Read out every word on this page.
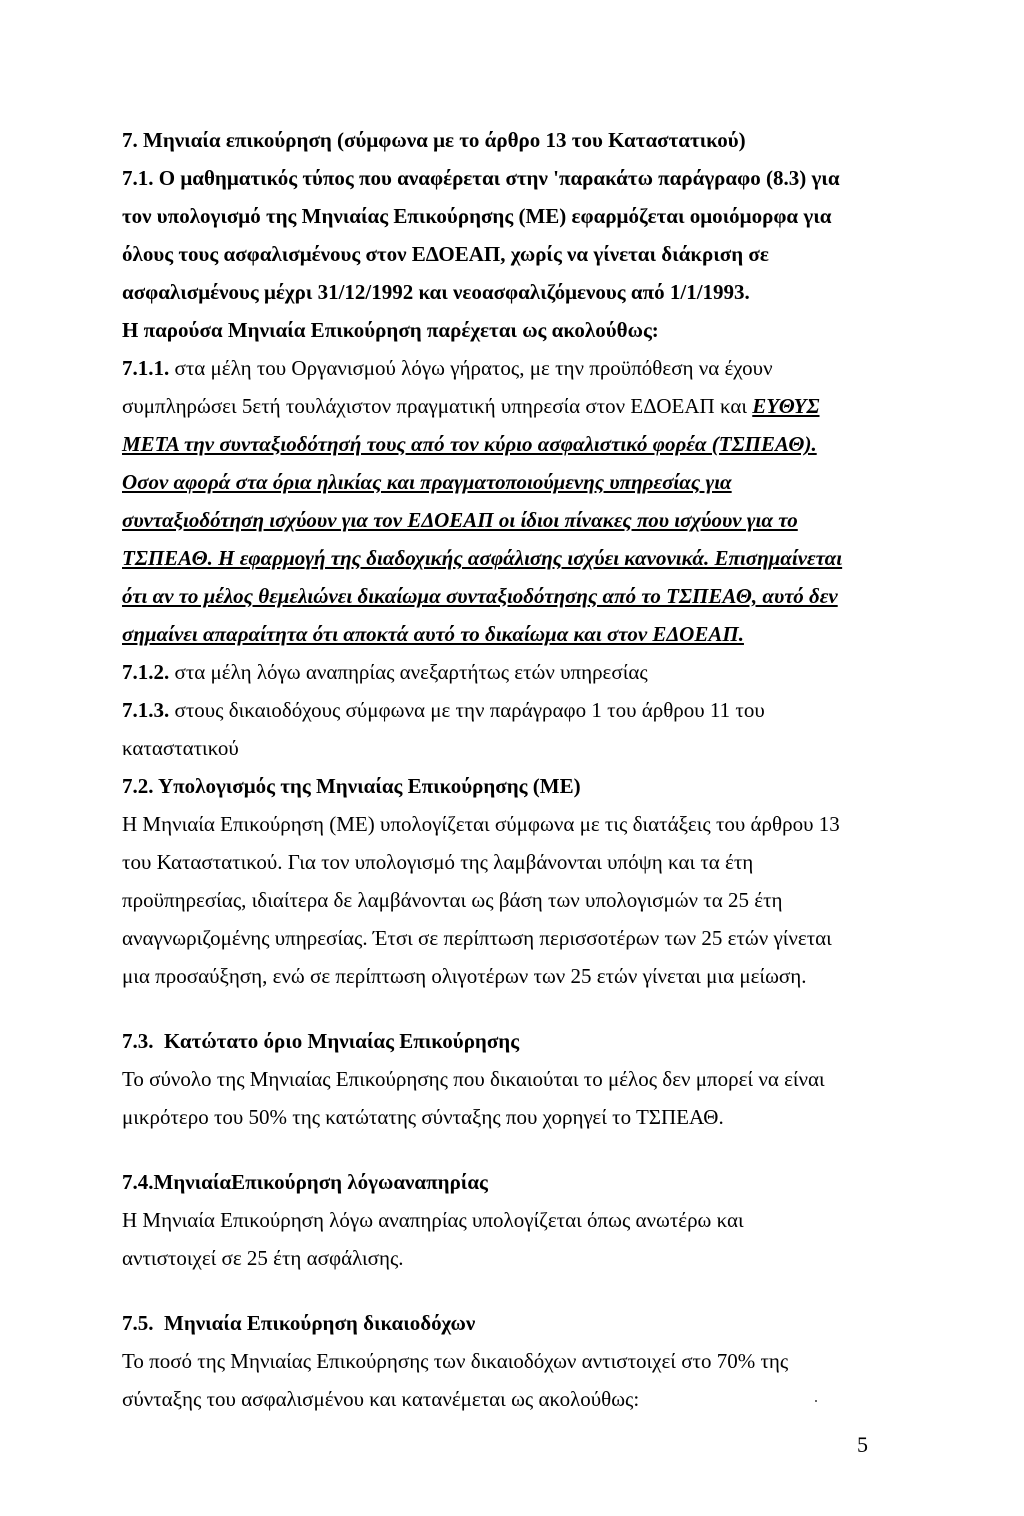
7. Μηνιαία επικούρηση (σύμφωνα με το άρθρο 13 του Καταστατικού)
7.1. Ο μαθηματικός τύπος που αναφέρεται στην 'παρακάτω παράγραφο (8.3) για
τον υπολογισμό της Μηνιαίας Επικούρησης (ΜΕ) εφαρμόζεται ομοιόμορφα για
όλους τους ασφαλισμένους στον ΕΔΟΕΑΠ, χωρίς να γίνεται διάκριση σε
ασφαλισμένους μέχρι 31/12/1992 και νεοασφαλιζόμενους από 1/1/1993.
Η παρούσα Μηνιαία Επικούρηση παρέχεται ως ακολούθως:
7.1.1. στα μέλη του Οργανισμού λόγω γήρατος, με την προϋπόθεση να έχουν
συμπληρώσει 5ετή τουλάχιστον πραγματική υπηρεσία στον ΕΔΟΕΑΠ και ΕΥΘΥΣ
ΜΕΤΑ την συνταξιοδότησή τους από τον κύριο ασφαλιστικό φορέα (ΤΣΠΕΑΘ).
Οσον αφορά στα όρια ηλικίας και πραγματοποιούμενης υπηρεσίας για
συνταξιοδότηση ισχύουν για τον ΕΔΟΕΑΠ οι ίδιοι πίνακες που ισχύουν για το
ΤΣΠΕΑΘ. Η εφαρμογή της διαδοχικής ασφάλισης ισχύει κανονικά. Επισημαίνεται
ότι αν το μέλος θεμελιώνει δικαίωμα συνταξιοδότησης από το ΤΣΠΕΑΘ, αυτό δεν
σημαίνει απαραίτητα ότι αποκτά αυτό το δικαίωμα και στον ΕΔΟΕΑΠ.
7.1.2. στα μέλη λόγω αναπηρίας ανεξαρτήτως ετών υπηρεσίας
7.1.3. στους δικαιοδόχους σύμφωνα με την παράγραφο 1 του άρθρου 11 του
καταστατικού
7.2. Υπολογισμός της Μηνιαίας Επικούρησης (ΜΕ)
Η Μηνιαία Επικούρηση (ΜΕ) υπολογίζεται σύμφωνα με τις διατάξεις του άρθρου 13
του Καταστατικού. Για τον υπολογισμό της λαμβάνονται υπόψη και τα έτη
προϋπηρεσίας, ιδιαίτερα δε λαμβάνονται ως βάση των υπολογισμών τα 25 έτη
αναγνωριζομένης υπηρεσίας. Έτσι σε περίπτωση περισσοτέρων των 25 ετών γίνεται
μια προσαύξηση, ενώ σε περίπτωση ολιγοτέρων των 25 ετών γίνεται μια μείωση.
7.3. Κατώτατο όριο Μηνιαίας Επικούρησης
Το σύνολο της Μηνιαίας Επικούρησης που δικαιούται το μέλος δεν μπορεί να είναι
μικρότερο του 50% της κατώτατης σύνταξης που χορηγεί το ΤΣΠΕΑΘ.
7.4.ΜηνιαίαΕπικούρηση λόγωαναπηρίας
Η Μηνιαία Επικούρηση λόγω αναπηρίας υπολογίζεται όπως ανωτέρω και
αντιστοιχεί σε 25 έτη ασφάλισης.
7.5. Μηνιαία Επικούρηση δικαιοδόχων
Το ποσό της Μηνιαίας Επικούρησης των δικαιοδόχων αντιστοιχεί στο 70% της
σύνταξης του ασφαλισμένου και κατανέμεται ως ακολούθως:
5
